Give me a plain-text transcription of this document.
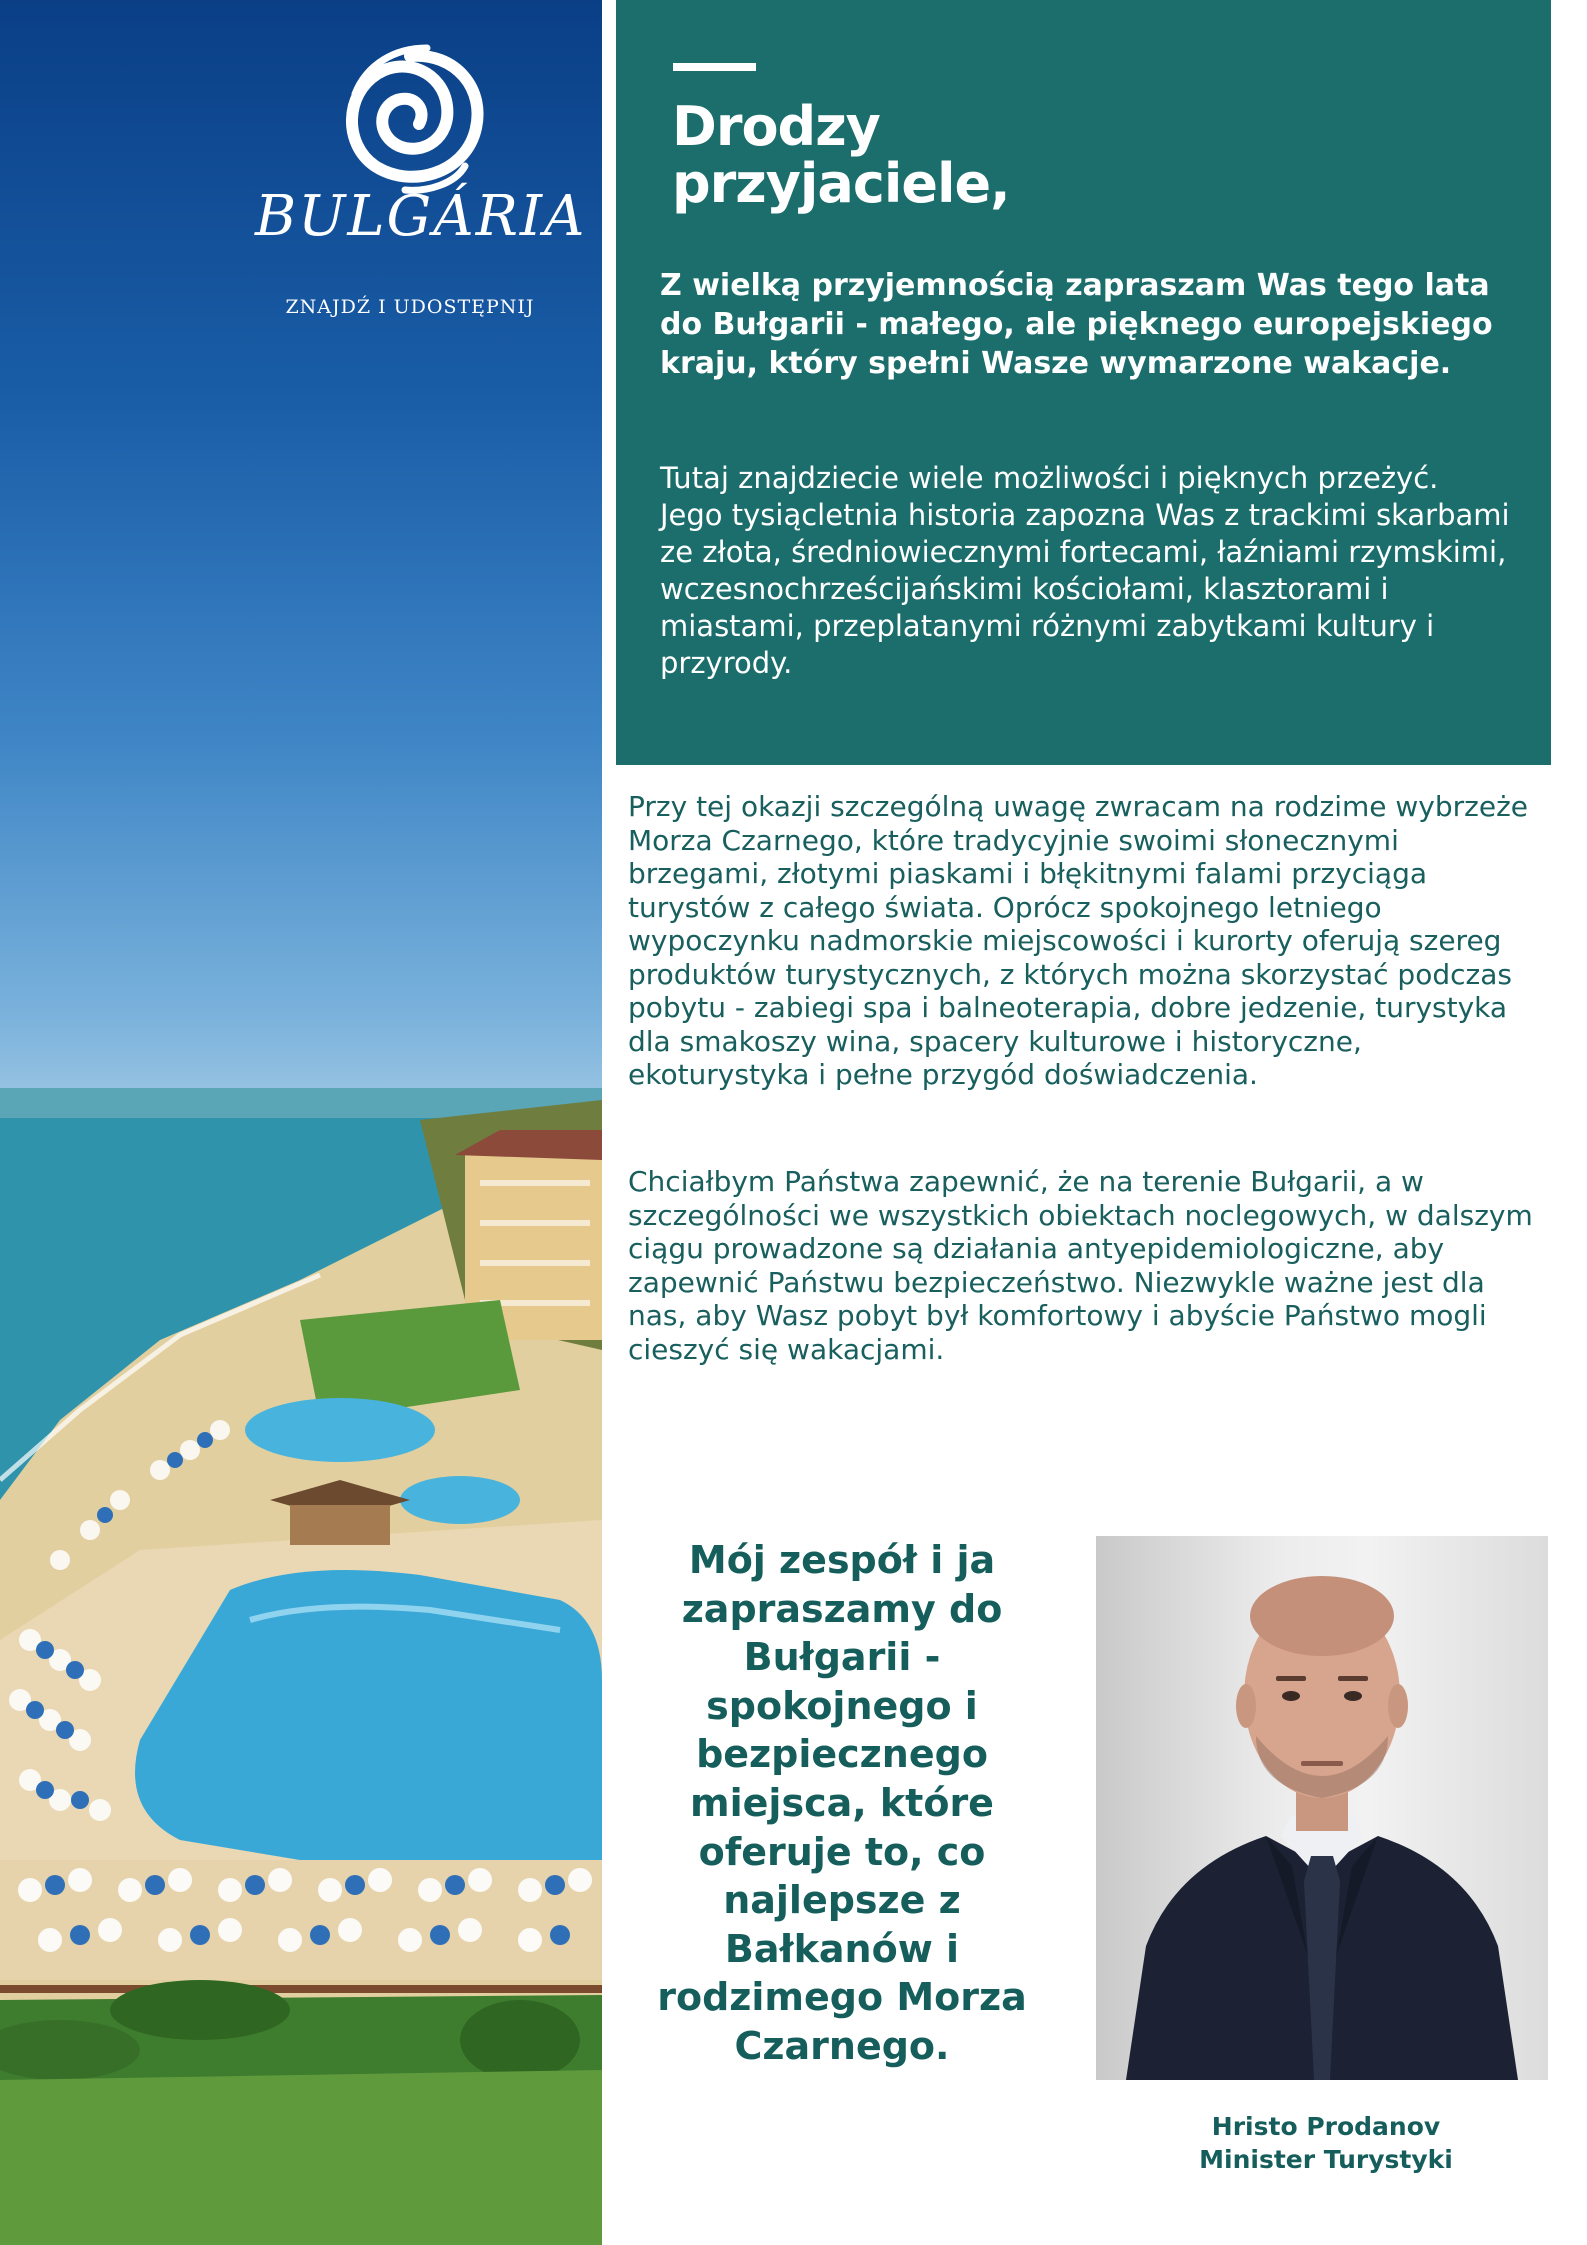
BULGÁRIA
ZNAJDŹ I UDOSTĘPNIJ
Drodzy
przyjaciele,
Z wielką przyjemnością zapraszam Was tego lata do Bułgarii - małego, ale pięknego europejskiego kraju, który spełni Wasze wymarzone wakacje.
Tutaj znajdziecie wiele możliwości i pięknych przeżyć. Jego tysiącletnia historia zapozna Was z trackimi skarbami ze złota, średniowiecznymi fortecami, łaźniami rzymskimi, wczesnochrześcijańskimi kościołami, klasztorami i miastami, przeplatanymi różnymi zabytkami kultury i przyrody.
Przy tej okazji szczególną uwagę zwracam na rodzime wybrzeże Morza Czarnego, które tradycyjnie swoimi słonecznymi brzegami, złotymi piaskami i błękitnymi falami przyciąga turystów z całego świata. Oprócz spokojnego letniego wypoczynku nadmorskie miejscowości i kurorty oferują szereg produktów turystycznych, z których można skorzystać podczas pobytu - zabiegi spa i balneoterapia, dobre jedzenie, turystyka dla smakoszy wina, spacery kulturowe i historyczne, ekoturystyka i pełne przygód doświadczenia.
Chciałbym Państwa zapewnić, że na terenie Bułgarii, a w szczególności we wszystkich obiektach noclegowych, w dalszym ciągu prowadzone są działania antyepidemiologiczne, aby zapewnić Państwu bezpieczeństwo. Niezwykle ważne jest dla nas, aby Wasz pobyt był komfortowy i abyście Państwo mogli cieszyć się wakacjami.
Mój zespół i ja zapraszamy do Bułgarii - spokojnego i bezpiecznego miejsca, które oferuje to, co najlepsze z Bałkanów i rodzimego Morza Czarnego.
Hristo Prodanov
Minister Turystyki
